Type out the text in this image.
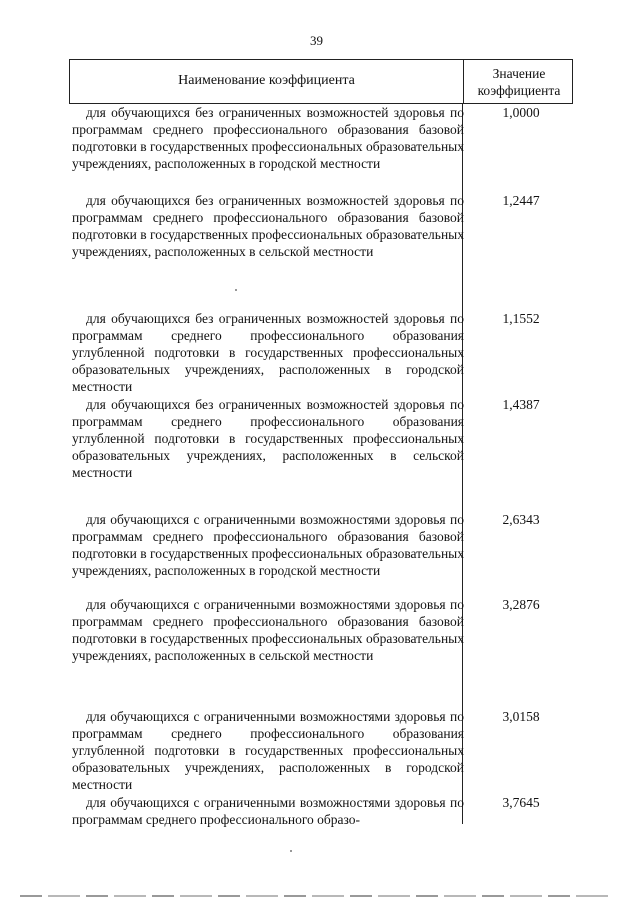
39
Наименование коэффициента	Значение
коэффициента

для обучающихся без ограниченных возможностей здоровья по программам среднего профессионального образования базовой подготовки в государственных профессиональных образовательных учреждениях, расположенных в городской местности

1,0000

для обучающихся без ограниченных возможностей здоровья по программам среднего профессионального образования базовой подготовки в государственных профессиональных образовательных учреждениях, расположенных в сельской местности

1,2447

для обучающихся без ограниченных возможностей здоровья по программам среднего профессионального образования углубленной подготовки в государственных профессиональных образовательных учреждениях, расположенных в городской местности

1,1552

для обучающихся без ограниченных возможностей здоровья по программам среднего профессионального образования углубленной подготовки в государственных профессиональных образовательных учреждениях, расположенных в сельской местности

1,4387

для обучающихся с ограниченными возможностями здоровья по программам среднего профессионального образования базовой подготовки в государственных профессиональных образовательных учреждениях, расположенных в городской местности

2,6343

для обучающихся с ограниченными возможностями здоровья по программам среднего профессионального образования базовой подготовки в государственных профессиональных образовательных учреждениях, расположенных в сельской местности

3,2876

для обучающихся с ограниченными возможностями здоровья по программам среднего профессионального образования углубленной подготовки в государственных профессиональных образовательных учреждениях, расположенных в городской местности

3,0158

для обучающихся с ограниченными возможностями здоровья по программам среднего профессионального образо-

3,7645
